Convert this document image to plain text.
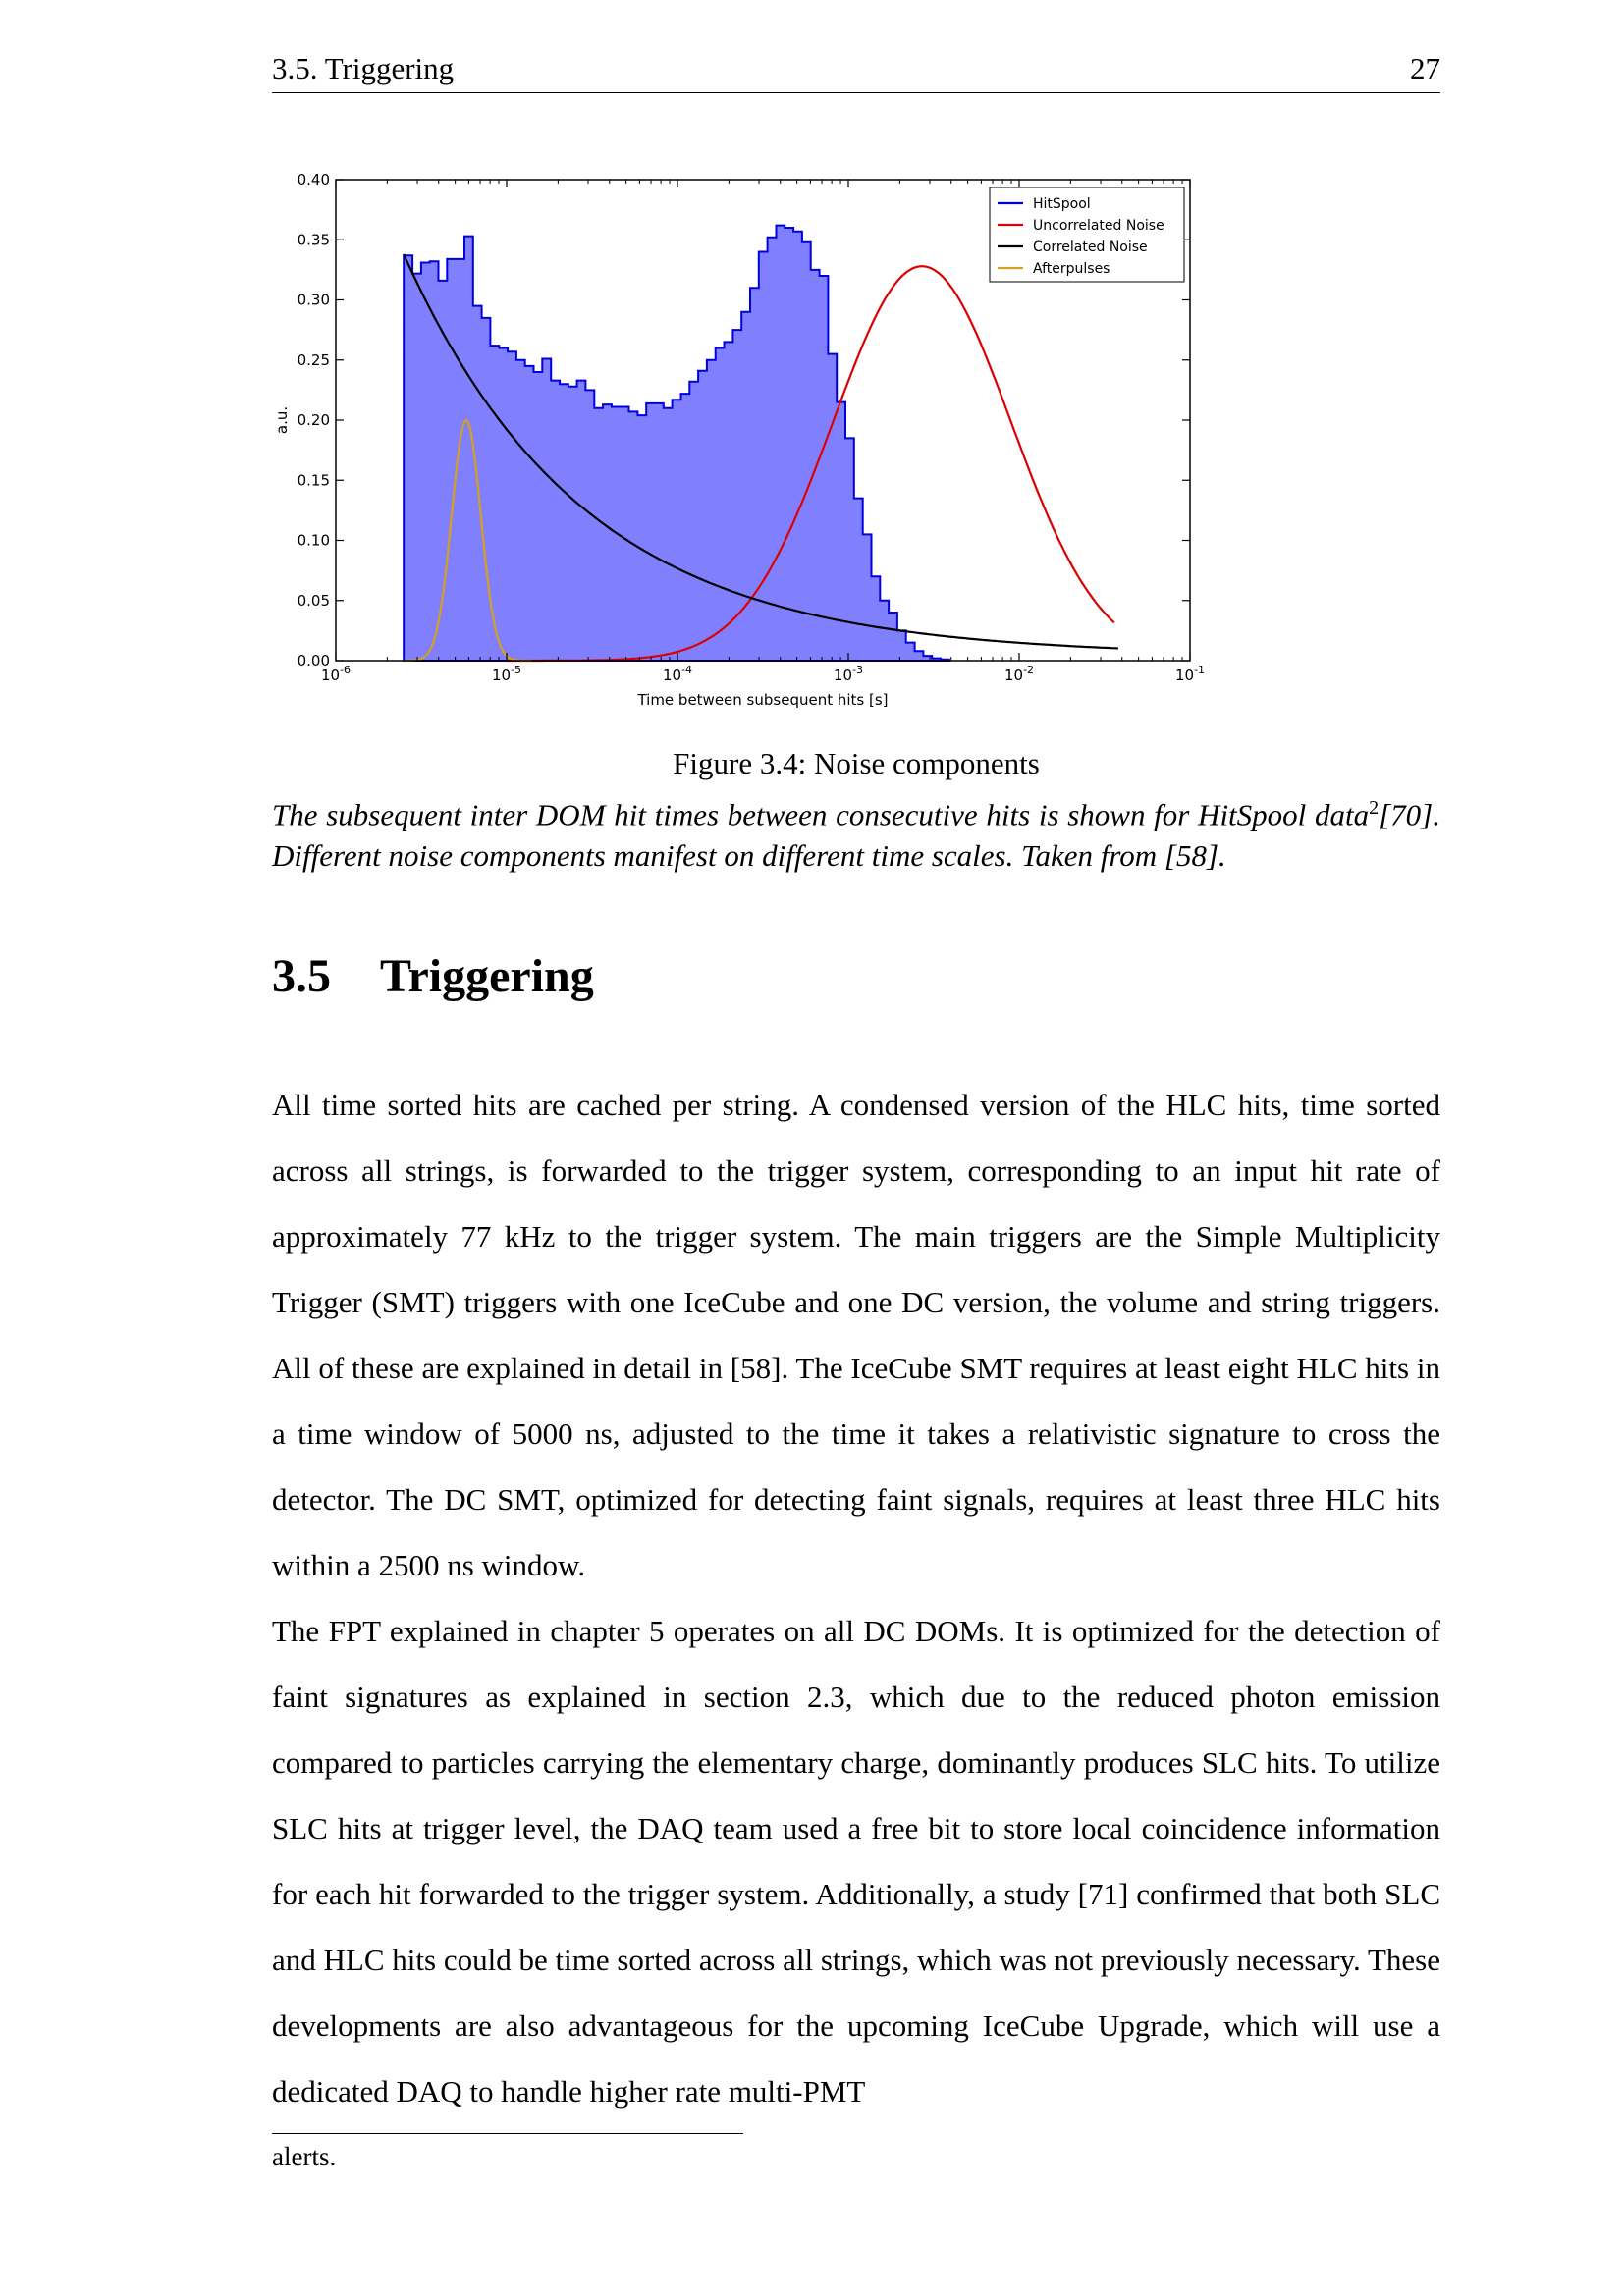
3.5. Triggering	27
0.00
0.05
0.10
0.15
0.20
0.25
0.30
0.35
0.40
$10^{-6}$	$10^{-5}$	$10^{-4}$	$10^{-3}$	$10^{-2}$	$10^{-1}$
Time between subsequent hits [s]
a.u.
HitSpool
Uncorrelated Noise
Correlated Noise
Afterpulses
Figure 3.4: Noise components
The subsequent inter DOM hit times between consecutive hits is shown for HitSpool data$^2$[70]. Different noise components manifest on different time scales. Taken from [58].
3.5 Triggering

All time sorted hits are cached per string. A condensed version of the HLC hits, time sorted across all strings, is forwarded to the trigger system, corresponding to an input hit rate of approximately 77 kHz to the trigger system. The main triggers are the Simple Multiplicity Trigger (SMT) triggers with one IceCube and one DC version, the volume and string triggers. All of these are explained in detail in [58]. The IceCube SMT requires at least eight HLC hits in a time window of 5000 ns, adjusted to the time it takes a relativistic signature to cross the detector. The DC SMT, optimized for detecting faint signals, requires at least three HLC hits within a 2500 ns window.

The FPT explained in chapter 5 operates on all DC DOMs. It is optimized for the detection of faint signatures as explained in section 2.3, which due to the reduced photon emission compared to particles carrying the elementary charge, dominantly produces SLC hits. To utilize SLC hits at trigger level, the DAQ team used a free bit to store local coincidence information for each hit forwarded to the trigger system. Additionally, a study [71] confirmed that both SLC and HLC hits could be time sorted across all strings, which was not previously necessary. These developments are also advantageous for the upcoming IceCube Upgrade, which will use a dedicated DAQ to handle higher rate multi-PMT

alerts.
